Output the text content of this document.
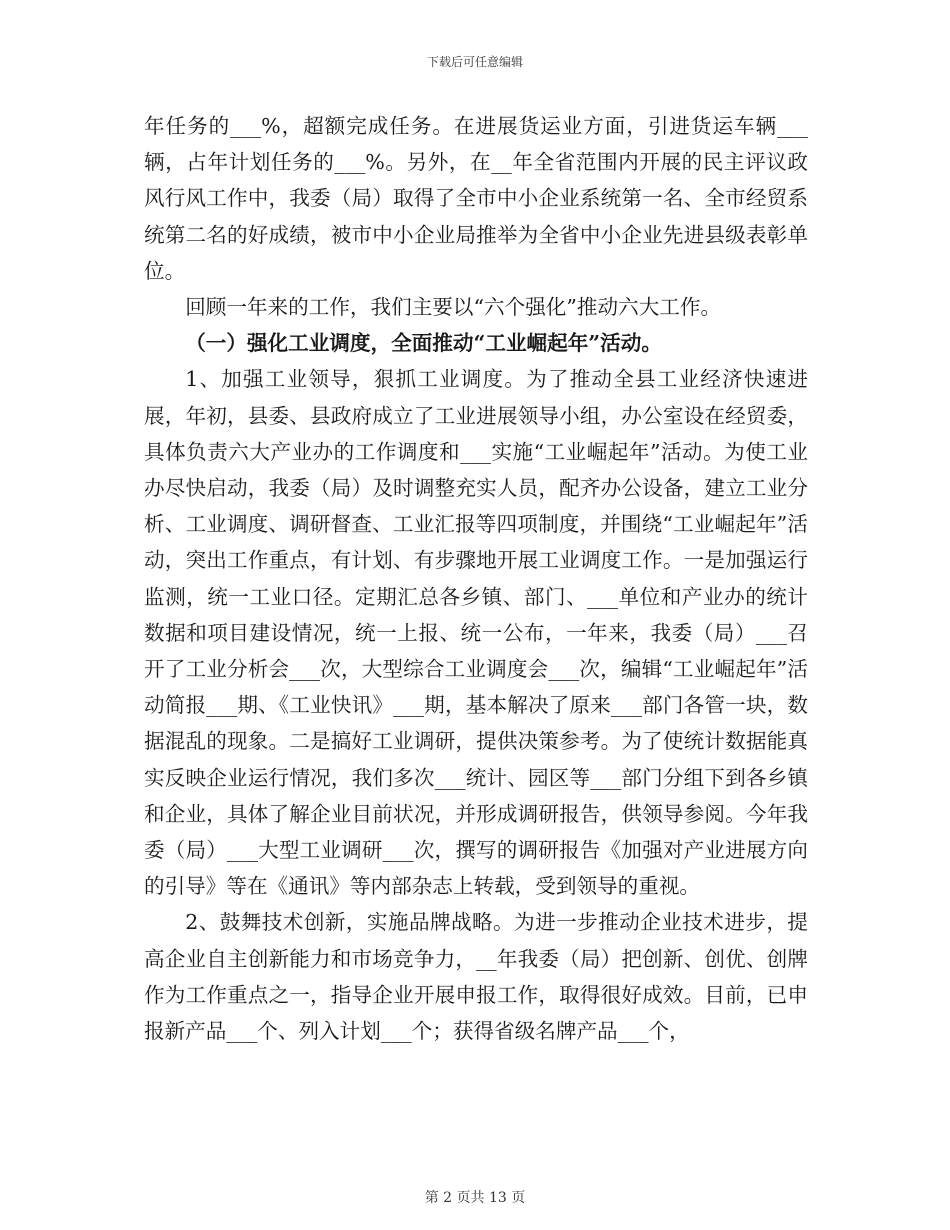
下载后可任意编辑

年任务的___%，超额完成任务。在进展货运业方面，引进货运车辆___辆，占年计划任务的___%。另外，在__年全省范围内开展的民主评议政风行风工作中，我委（局）取得了全市中小企业系统第一名、全市经贸系统第二名的好成绩，被市中小企业局推举为全省中小企业先进县级表彰单位。

回顾一年来的工作，我们主要以“六个强化”推动六大工作。

（一）强化工业调度，全面推动“工业崛起年”活动。

1、加强工业领导，狠抓工业调度。为了推动全县工业经济快速进展，年初，县委、县政府成立了工业进展领导小组，办公室设在经贸委，具体负责六大产业办的工作调度和___实施“工业崛起年”活动。为使工业办尽快启动，我委（局）及时调整充实人员，配齐办公设备，建立工业分析、工业调度、调研督查、工业汇报等四项制度，并围绕“工业崛起年”活动，突出工作重点，有计划、有步骤地开展工业调度工作。一是加强运行监测，统一工业口径。定期汇总各乡镇、部门、___单位和产业办的统计数据和项目建设情况，统一上报、统一公布，一年来，我委（局）___召开了工业分析会___次，大型综合工业调度会___次，编辑“工业崛起年”活动简报___期、《工业快讯》___期，基本解决了原来___部门各管一块，数据混乱的现象。二是搞好工业调研，提供决策参考。为了使统计数据能真实反映企业运行情况，我们多次___统计、园区等___部门分组下到各乡镇和企业，具体了解企业目前状况，并形成调研报告，供领导参阅。今年我委（局）___大型工业调研___次，撰写的调研报告《加强对产业进展方向的引导》等在《通讯》等内部杂志上转载，受到领导的重视。

2、鼓舞技术创新，实施品牌战略。为进一步推动企业技术进步，提高企业自主创新能力和市场竞争力，__年我委（局）把创新、创优、创牌作为工作重点之一，指导企业开展申报工作，取得很好成效。目前，已申报新产品___个、列入计划___个；获得省级名牌产品___个，

第 2 页共 13 页
